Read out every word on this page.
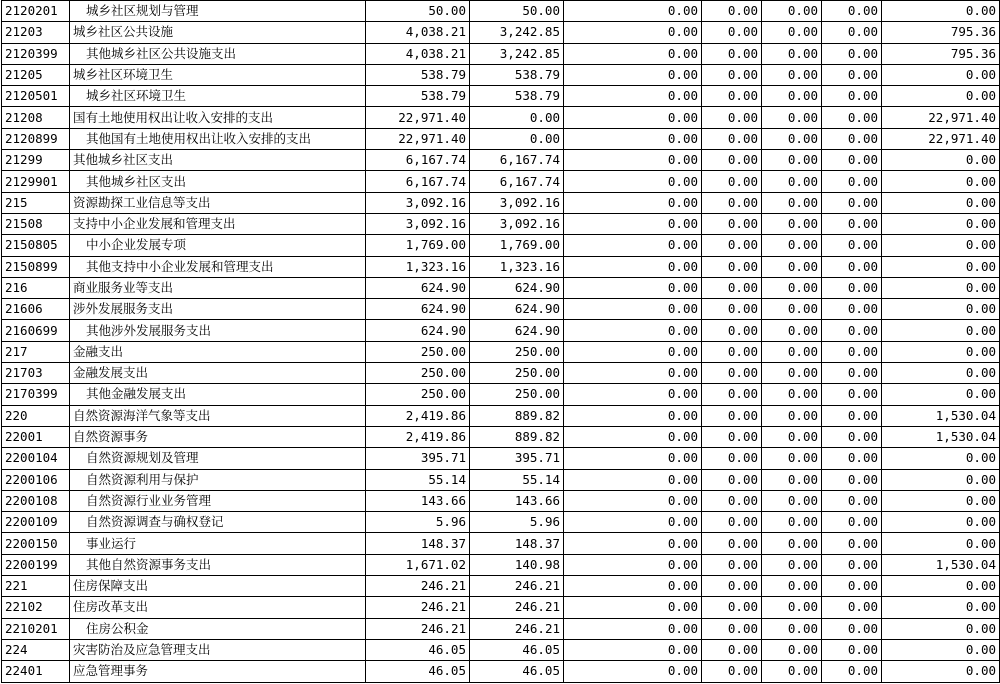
2120201	城乡社区规划与管理	50.00	50.00	0.00	0.00	0.00	0.00	0.00
21203	城乡社区公共设施	4,038.21	3,242.85	0.00	0.00	0.00	0.00	795.36
2120399	其他城乡社区公共设施支出	4,038.21	3,242.85	0.00	0.00	0.00	0.00	795.36
21205	城乡社区环境卫生	538.79	538.79	0.00	0.00	0.00	0.00	0.00
2120501	城乡社区环境卫生	538.79	538.79	0.00	0.00	0.00	0.00	0.00
21208	国有土地使用权出让收入安排的支出	22,971.40	0.00	0.00	0.00	0.00	0.00	22,971.40
2120899	其他国有土地使用权出让收入安排的支出	22,971.40	0.00	0.00	0.00	0.00	0.00	22,971.40
21299	其他城乡社区支出	6,167.74	6,167.74	0.00	0.00	0.00	0.00	0.00
2129901	其他城乡社区支出	6,167.74	6,167.74	0.00	0.00	0.00	0.00	0.00
215	资源勘探工业信息等支出	3,092.16	3,092.16	0.00	0.00	0.00	0.00	0.00
21508	支持中小企业发展和管理支出	3,092.16	3,092.16	0.00	0.00	0.00	0.00	0.00
2150805	中小企业发展专项	1,769.00	1,769.00	0.00	0.00	0.00	0.00	0.00
2150899	其他支持中小企业发展和管理支出	1,323.16	1,323.16	0.00	0.00	0.00	0.00	0.00
216	商业服务业等支出	624.90	624.90	0.00	0.00	0.00	0.00	0.00
21606	涉外发展服务支出	624.90	624.90	0.00	0.00	0.00	0.00	0.00
2160699	其他涉外发展服务支出	624.90	624.90	0.00	0.00	0.00	0.00	0.00
217	金融支出	250.00	250.00	0.00	0.00	0.00	0.00	0.00
21703	金融发展支出	250.00	250.00	0.00	0.00	0.00	0.00	0.00
2170399	其他金融发展支出	250.00	250.00	0.00	0.00	0.00	0.00	0.00
220	自然资源海洋气象等支出	2,419.86	889.82	0.00	0.00	0.00	0.00	1,530.04
22001	自然资源事务	2,419.86	889.82	0.00	0.00	0.00	0.00	1,530.04
2200104	自然资源规划及管理	395.71	395.71	0.00	0.00	0.00	0.00	0.00
2200106	自然资源利用与保护	55.14	55.14	0.00	0.00	0.00	0.00	0.00
2200108	自然资源行业业务管理	143.66	143.66	0.00	0.00	0.00	0.00	0.00
2200109	自然资源调查与确权登记	5.96	5.96	0.00	0.00	0.00	0.00	0.00
2200150	事业运行	148.37	148.37	0.00	0.00	0.00	0.00	0.00
2200199	其他自然资源事务支出	1,671.02	140.98	0.00	0.00	0.00	0.00	1,530.04
221	住房保障支出	246.21	246.21	0.00	0.00	0.00	0.00	0.00
22102	住房改革支出	246.21	246.21	0.00	0.00	0.00	0.00	0.00
2210201	住房公积金	246.21	246.21	0.00	0.00	0.00	0.00	0.00
224	灾害防治及应急管理支出	46.05	46.05	0.00	0.00	0.00	0.00	0.00
22401	应急管理事务	46.05	46.05	0.00	0.00	0.00	0.00	0.00
